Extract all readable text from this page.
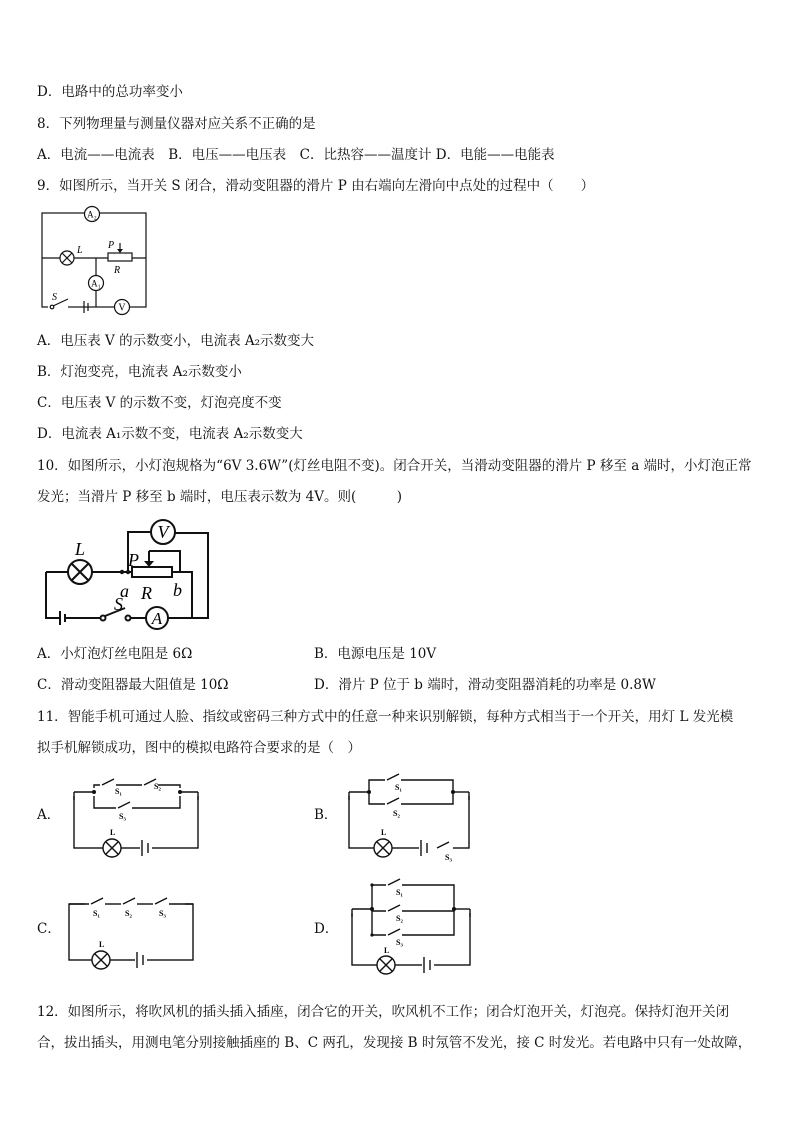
D．电路中的总功率变小
8．下列物理量与测量仪器对应关系不正确的是
A．电流——电流表　B．电压——电压表　C．比热容——温度计 D．电能——电能表
9．如图所示，当开关 S 闭合，滑动变阻器的滑片 P 由右端向左滑向中点处的过程中（　　）
A₂
L	P
R
A₁
S
V
A．电压表 V 的示数变小，电流表 A₂示数变大
B．灯泡变亮，电流表 A₂示数变小
C．电压表 V 的示数不变，灯泡亮度不变
D．电流表 A₁示数不变，电流表 A₂示数变大
10．如图所示，小灯泡规格为“6V 3.6W”(灯丝电阻不变)。闭合开关，当滑动变阻器的滑片 P 移至 a 端时，小灯泡正常
发光；当滑片 P 移至 b 端时，电压表示数为 4V。则(　　　)
V
L
P
a b
S
R
A
A．小灯泡灯丝电阻是 6Ω	B．电源电压是 10V
C．滑动变阻器最大阻值是 10Ω	D．滑片 P 位于 b 端时，滑动变阻器消耗的功率是 0.8W
11．智能手机可通过人脸、指纹或密码三种方式中的任意一种来识别解锁，每种方式相当于一个开关，用灯 L 发光模
拟手机解锁成功，图中的模拟电路符合要求的是（　）
A．
S₁
S₂
S₃
L
B．
S₁
S₂
L
S₃
C．
S₁	S₂	S₃
L
D．
S₁
S₂
S₃
L
12．如图所示，将吹风机的插头插入插座，闭合它的开关，吹风机不工作；闭合灯泡开关，灯泡亮。保持灯泡开关闭
合，拔出插头，用测电笔分别接触插座的 B、C 两孔，发现接 B 时氖管不发光，接 C 时发光。若电路中只有一处故障，
